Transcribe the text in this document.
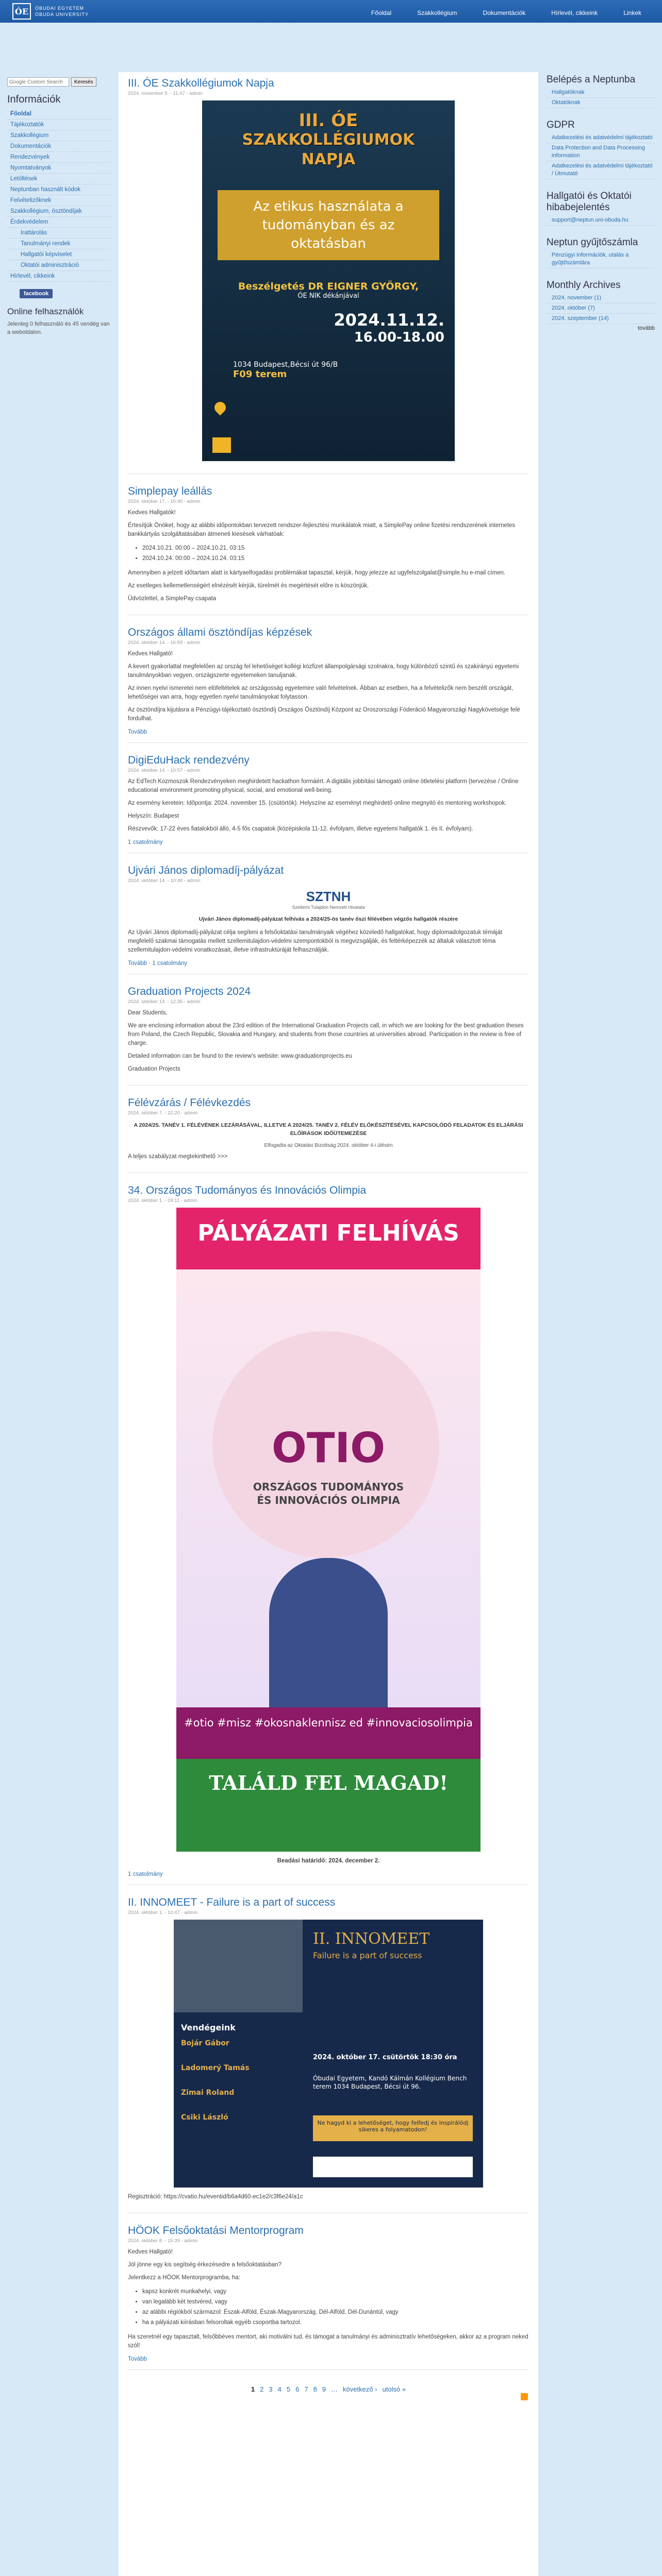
ÓE	ÓBUDAI EGYETEM
ÓBUDA UNIVERSITY	Főoldal	Szakkollégium	Dokumentációk	Hírlevél, cikkeink	Linkek
Google Custom Search
Keresés
Információk
Főoldal
Tájékoztatók
Szakkollégium
Dokumentációk
Rendezvények
Nyomtatványok
Letöltések
Neptunban használt kódok
Felvételizőknek
Szakkollégium, ösztöndíjak
Érdekvédelem
Irattárolás
Tanulmányi rendek
Hallgatói képviselet
Oktatói adminisztráció
Hírlevél, cikkeink
facebook
Online felhasználók

Jelenleg 0 felhasználó és 45 vendég van a weboldalon.

Belépés a Neptunba
Hallgatóknak
Oktatóknak
GDPR
Adatkezelési és adatvédelmi tájékoztató
Data Protection and Data Processing information
Adatkezelési és adatvédelmi tájékoztató / Útmutató
Hallgatói és Oktatói hibabejelentés
support@neptun.uni-obuda.hu
Neptun gyűjtőszámla
Pénzügyi információk, utalás a gyűjtőszámlára
Monthly Archives
2024. november (1)
2024. október (7)
2024. szeptember (14)
tovább
III. ÓE Szakkollégiumok Napja
2024. november 5. - 11:47 - admin
III. ÓE
SZAKKOLLÉGIUMOK
NAPJA
Az etikus használata a tudományban és az oktatásban
Beszélgetés DR EIGNER GYÖRGY,
ÓE NIK dékánjával
2024.11.12.
16.00-18.00
1034 Budapest,Bécsi út 96/B
F09 terem
Simplepay leállás
2024. október 17. - 10:40 - admin

Kedves Hallgatók!

Értesítjük Önöket, hogy az alábbi időpontokban tervezett rendszer-fejlesztési munkálatok miatt, a SimplePay online fizetési rendszerének internetes bankkártyás szolgáltatásában átmeneti kiesések várhatóak:

• 2024.10.21. 00:00 – 2024.10.21. 03:15
• 2024.10.24. 00:00 – 2024.10.24. 03:15

Amennyiben a jelzett időtartam alatt is kártyaelfogadási problémákat tapasztal, kérjük, hogy jelezze az ugyfelszolgalat@simple.hu e-mail címen.

Az esetleges kellemetlenségért elnézését kérjük, türelmét és megértését előre is köszönjük.

Üdvözlettel, a SimplePay csapata

Országos állami ösztöndíjas képzések
2024. október 14. - 16:59 - admin

Kedves Hallgató!

A kevert gyakorlattal megfelelően az ország fel lehetőséget kollégi közfizet állampolgársági szolnakra, hogy különböző szintű és szakirányú egyetemi tanulmányokban vegyen, országszerte egyetemeken tanuljanak.

Az innen nyelvi ismeretei nem elöfeltételek az országosság egyetemire való felvételnek. Ábban az esetben, ha a felvételizők nem beszélt országát, lehetőségei van arra, hogy egyetlen nyelvi tanulmányokat folytasson.

Az ösztöndíjra kijutásra a Pénzügyi-tájékoztató ösztöndíj Országos Ösztöndíj Központ az Oroszországi Föderáció Magyarországi Nagykövetsége felé fordulhat.

Tovább
DigiEduHack rendezvény
2024. október 14. - 10:57 - admin

Az EdTech Kozmoszok Rendezvényeken meghirdetett hackathon formáért. A digitális jobbítási támogató online ötletelési platform (tervezése / Online educational environment promoting physical, social, and emotional well-being.

Az esemény keretein: Időpontja: 2024. november 15. (csütörtök). Helyszíne az eseményt meghirdető online megnyitó és mentoring workshopok.

Helyszín: Budapest

Részvevők: 17-22 éves fiatalokból álló, 4-5 fős csapatok (középiskola 11-12. évfolyam, illetve egyetemi hallgatók 1. és II. évfolyam).

1 csatolmány
Ujvári János diplomadíj-pályázat
2024. október 14. - 10:48 - admin
SZTNH
Szellemi Tulajdon Nemzeti Hivatala
Ujvári János diplomadíj-pályázat felhívás a 2024/25-ös tanév őszi félévében végzős hallgatók részére

Az Ujvári János diplomadíj-pályázat célja segíteni a felsőoktatási tanulmányaik végéhez közeledő hallgatókat, hogy diplomadolgozatuk témáját megfelelő szakmai támogatás mellett szellemitulajdon-védelmi szempontokból is megvizsgálják, és feltérképezzék az általuk választott téma szellemitulajdon-védelmi vonatkozásait, illetve infrastruktúráját felhasználják.

Tovább · 1 csatolmány
Graduation Projects 2024
2024. október 14. - 12:35 - admin

Dear Students,

We are enclosing information about the 23rd edition of the International Graduation Projects call, in which we are looking for the best graduation theses from Poland, the Czech Republic, Slovakia and Hungary, and students from those countries at universities abroad. Participation in the review is free of charge.

Detailed information can be found to the review's website: www.graduationprojects.eu

Graduation Projects

Félévzárás / Félévkezdés
2024. október 7. - 22:20 - admin
A 2024/25. TANÉV 1. FÉLÉVÉNEK LEZÁRÁSÁVAL, ILLETVE A 2024/25. TANÉV 2. FÉLÉV ELŐKÉSZÍTÉSÉVEL KAPCSOLÓDÓ FELADATOK ÉS ELJÁRÁSI ELŐÍRÁSOK IDŐÜTEMEZÉSE
Elfogadta az Oktatási Bizottság 2024. október 4-i ülésén

A teljes szabályzat megtekinthető >>>

34. Országos Tudományos és Innovációs Olimpia
2024. október 1. - 09:11 - admin
PÁLYÁZATI FELHÍVÁS
OTIO
ORSZÁGOS TUDOMÁNYOS
ÉS INNOVÁCIÓS OLIMPIA
#otio #misz #okosnaklennisz ed #innovaciosolimpia
TALÁLD FEL MAGAD!

Beadási határidő: 2024. december 2.

1 csatolmány
II. INNOMEET - Failure is a part of success
2024. október 1. - 10:47 - admin
II. INNOMEET
Failure is a part of success
Vendégeink
Bojár Gábor
Ladomerý Tamás
Zimai Roland
Csiki László
2024. október 17. csütörtök 18:30 óra
Óbudai Egyetem, Kandó Kálmán Kollégium Bench terem 1034 Budapest, Bécsi út 96.
Ne hagyd ki a lehetőséget, hogy felfedj és inspirálódj sikeres a folyamatodon!

Regisztráció: https://cvatio.hu/eventid/b6a4d60-ec1e2/c3f6e24/a1c

HÖOK Felsőoktatási Mentorprogram
2024. október 8. - 15:39 - admin

Kedves Hallgató!

Jól jönne egy kis segítség érkezésedre a felsőoktatásban?

Jelentkezz a HÖOK Mentorprogramba, ha:

• kapsz konkrét munkahelyi, vagy
• van legalább két testvéred, vagy
• az alábbi régiókból származol: Észak-Alföld, Észak-Magyarország, Dél-Alföld, Dél-Dunántúl, vagy
• ha a pályázati kiírásban felsoroltak egyéb csoportba tartozol.

Ha szeretnél egy tapasztalt, felsőbbéves mentort, aki motiválni tud, és támogat a tanulmányi és adminisztratív lehetőségeken, akkor az a program neked szól!

Tovább
1 2 3 4 5 6 7 8 9 … következő › utolsó »
